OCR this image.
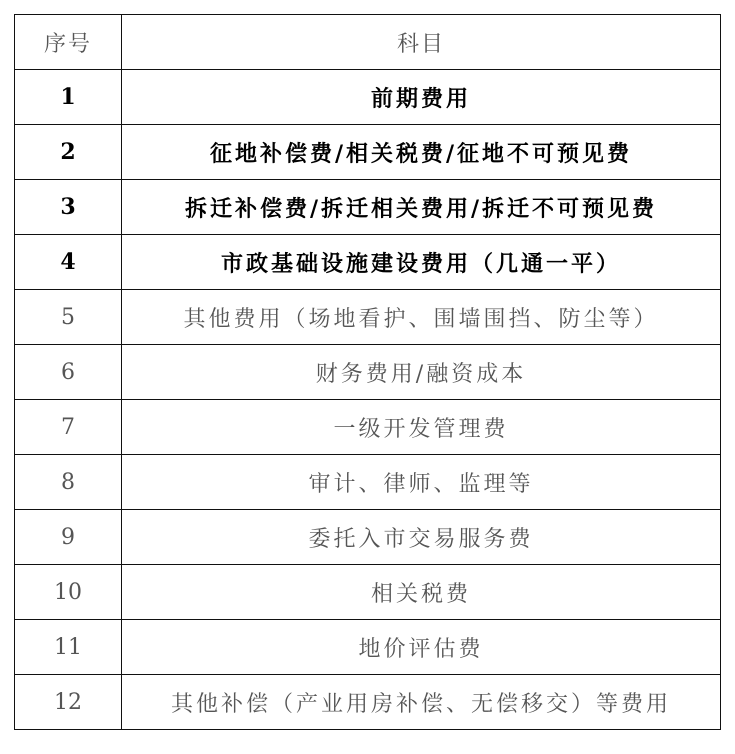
序号	科目
1	前期费用
2	征地补偿费/相关税费/征地不可预见费
3	拆迁补偿费/拆迁相关费用/拆迁不可预见费
4	市政基础设施建设费用（几通一平）
5	其他费用（场地看护、围墙围挡、防尘等）
6	财务费用/融资成本
7	一级开发管理费
8	审计、律师、监理等
9	委托入市交易服务费
10	相关税费
11	地价评估费
12	其他补偿（产业用房补偿、无偿移交）等费用
